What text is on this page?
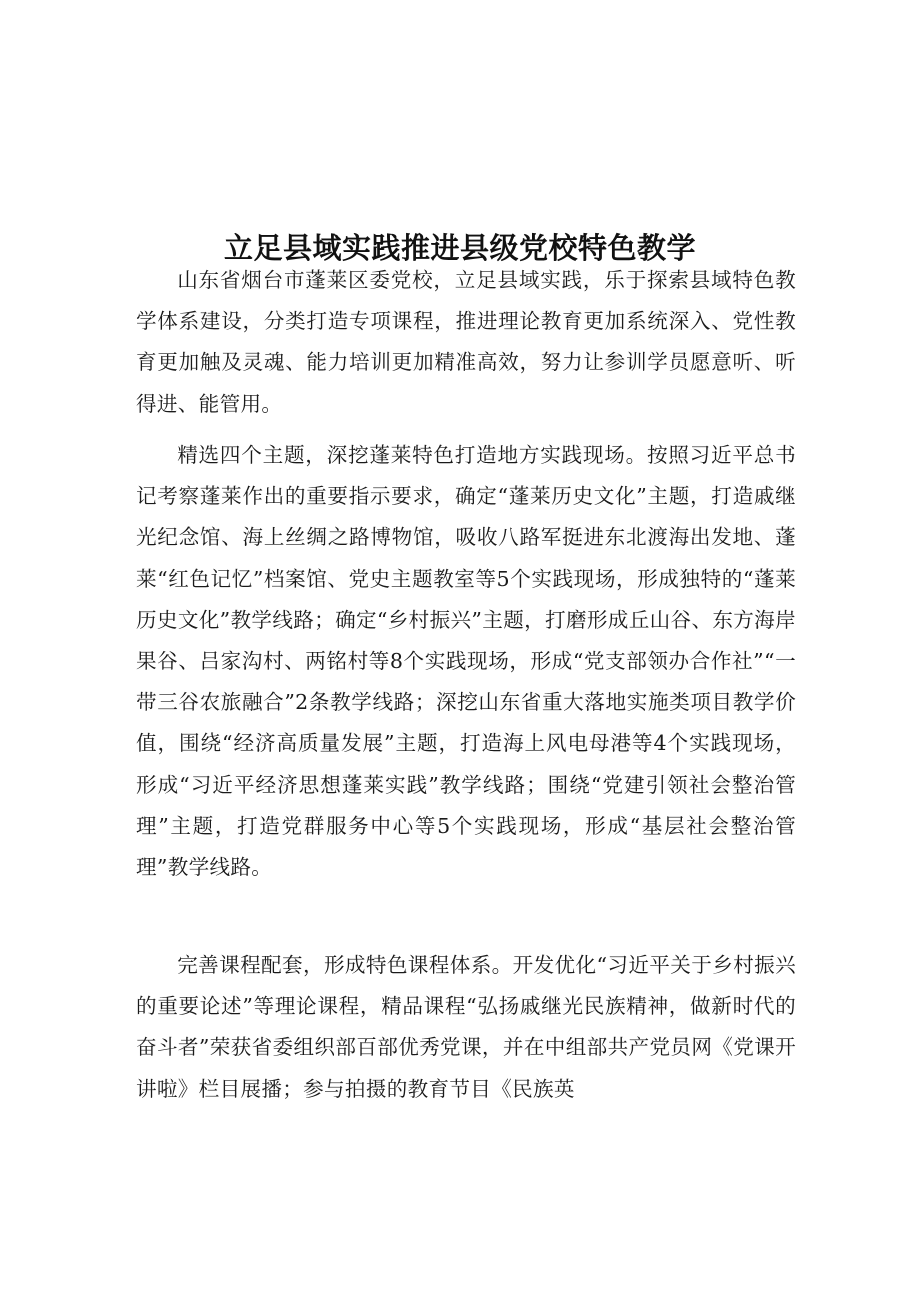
立足县域实践推进县级党校特色教学

山东省烟台市蓬莱区委党校，立足县域实践，乐于探索县域特色教学体系建设，分类打造专项课程，推进理论教育更加系统深入、党性教育更加触及灵魂、能力培训更加精准高效，努力让参训学员愿意听、听得进、能管用。

精选四个主题，深挖蓬莱特色打造地方实践现场。按照习近平总书记考察蓬莱作出的重要指示要求，确定“蓬莱历史文化”主题，打造戚继光纪念馆、海上丝绸之路博物馆，吸收八路军挺进东北渡海出发地、蓬莱“红色记忆”档案馆、党史主题教室等5个实践现场，形成独特的“蓬莱历史文化”教学线路；确定“乡村振兴”主题，打磨形成丘山谷、东方海岸果谷、吕家沟村、两铭村等8个实践现场，形成“党支部领办合作社”“一带三谷农旅融合”2条教学线路；深挖山东省重大落地实施类项目教学价值，围绕“经济高质量发展”主题，打造海上风电母港等4个实践现场，形成“习近平经济思想蓬莱实践”教学线路；围绕“党建引领社会整治管理”主题，打造党群服务中心等5个实践现场，形成“基层社会整治管理”教学线路。

完善课程配套，形成特色课程体系。开发优化“习近平关于乡村振兴的重要论述”等理论课程，精品课程“弘扬戚继光民族精神，做新时代的奋斗者”荣获省委组织部百部优秀党课，并在中组部共产党员网《党课开讲啦》栏目展播；参与拍摄的教育节目《民族英
